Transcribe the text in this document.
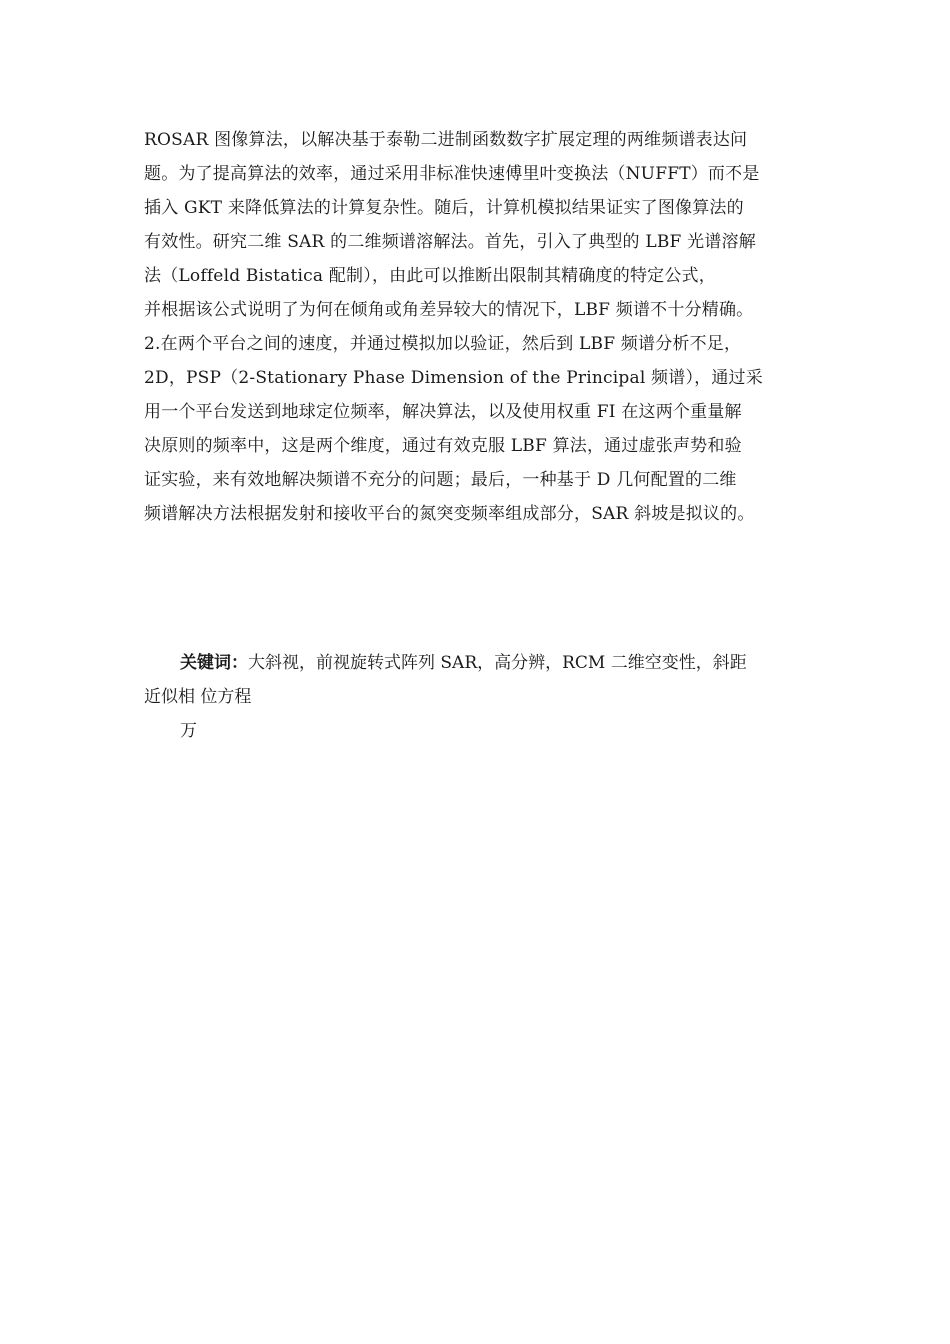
ROSAR 图像算法，以解决基于泰勒二进制函数数字扩展定理的两维频谱表达问
题。为了提高算法的效率，通过采用非标准快速傅里叶变换法（NUFFT）而不是
插入 GKT 来降低算法的计算复杂性。随后，计算机模拟结果证实了图像算法的
有效性。研究二维 SAR 的二维频谱溶解法。首先，引入了典型的 LBF 光谱溶解
法（Loffeld Bistatica 配制），由此可以推断出限制其精确度的特定公式，
并根据该公式说明了为何在倾角或角差异较大的情况下，LBF 频谱不十分精确。
2.在两个平台之间的速度，并通过模拟加以验证，然后到 LBF 频谱分析不足，
2D，PSP（2-Stationary Phase Dimension of the Principal 频谱），通过采
用一个平台发送到地球定位频率，解决算法，以及使用权重 FI 在这两个重量解
决原则的频率中，这是两个维度，通过有效克服 LBF 算法，通过虚张声势和验
证实验，来有效地解决频谱不充分的问题；最后，一种基于 D 几何配置的二维
频谱解决方法根据发射和接收平台的氮突变频率组成部分，SAR 斜坡是拟议的。
关键词：大斜视，前视旋转式阵列 SAR，高分辨，RCM 二维空变性，斜距
近似相 位方程
万
